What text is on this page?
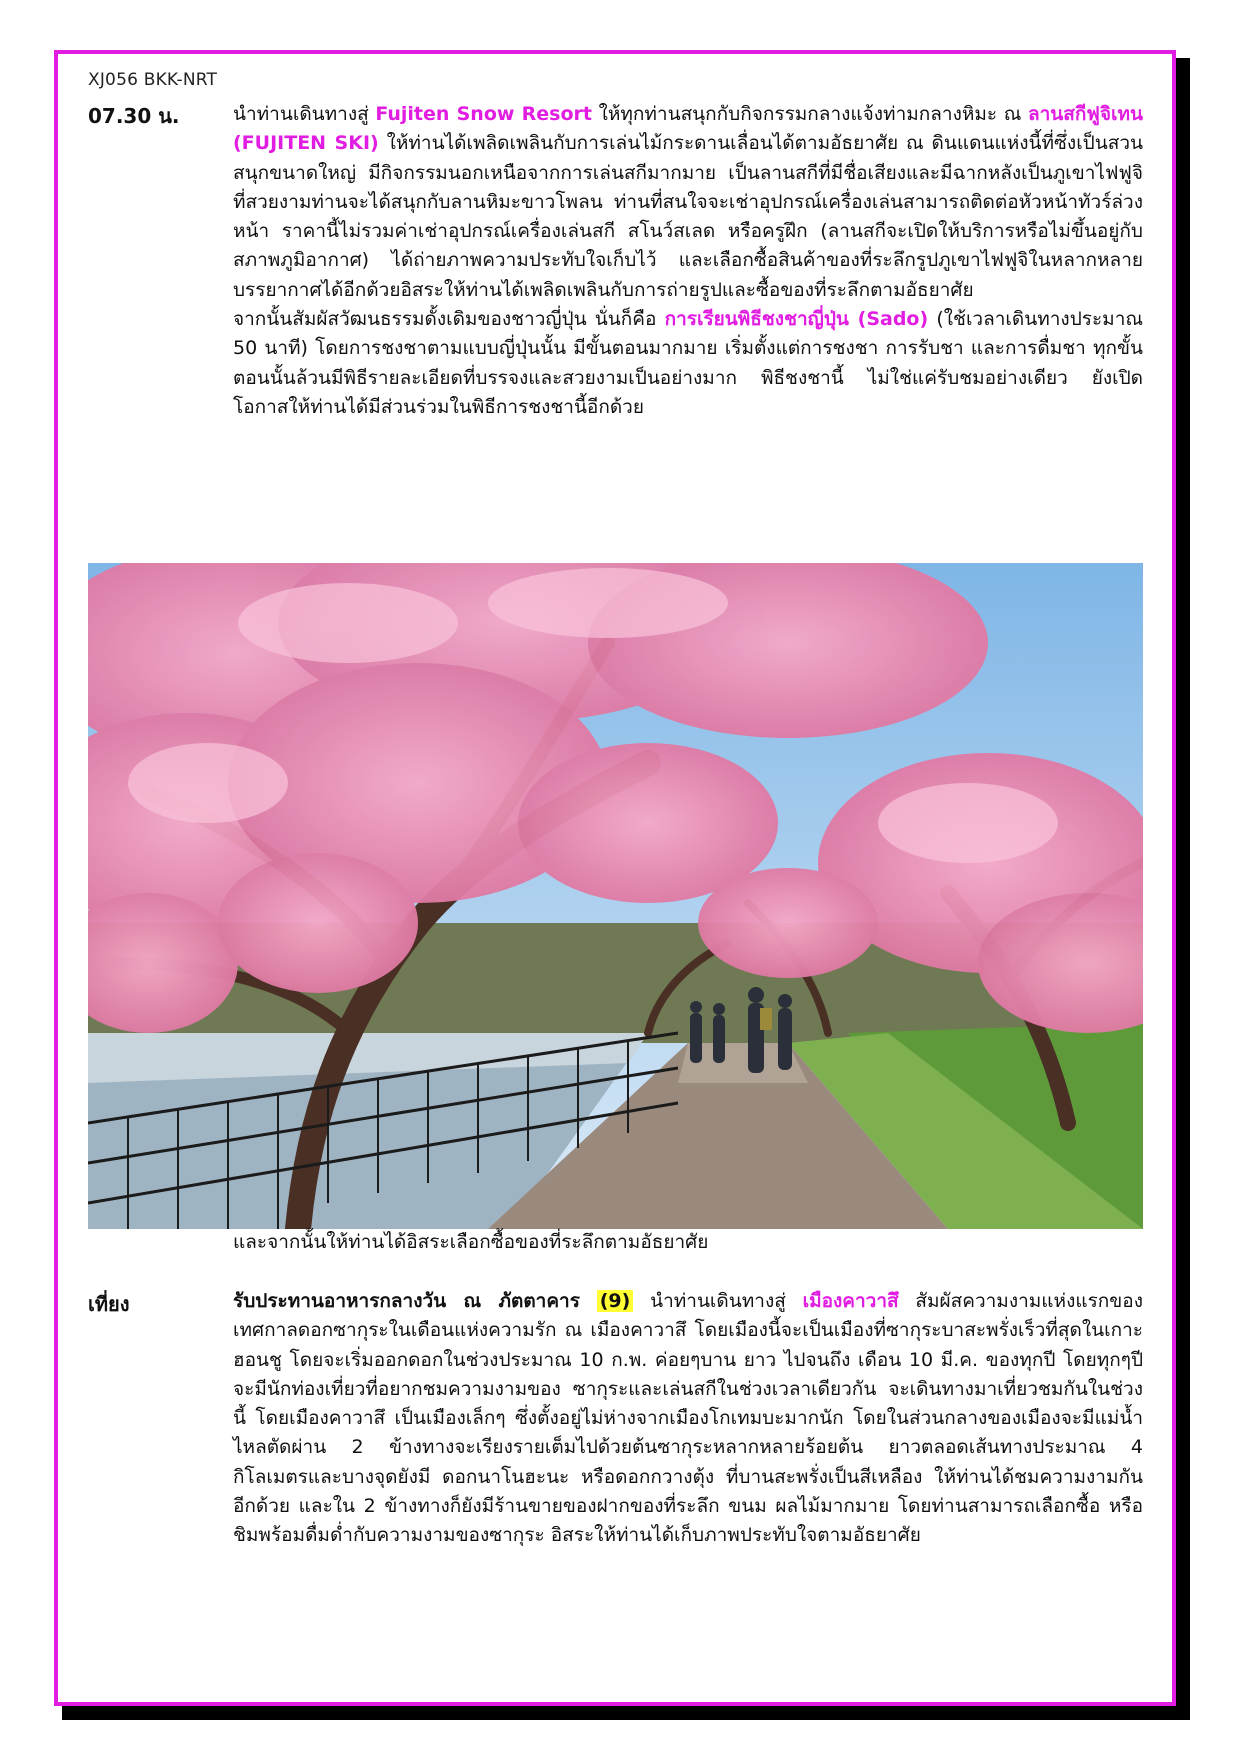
XJ056 BKK-NRT
07.30 น.	นำท่านเดินทางสู่ Fujiten Snow Resort ให้ทุกท่านสนุกกับกิจกรรมกลางแจ้งท่ามกลางหิมะ ณ ลานสกีฟูจิเทน (FUJITEN SKI) ให้ท่านได้เพลิดเพลินกับการเล่นไม้กระดานเลื่อนได้ตามอัธยาศัย ณ ดินแดนแห่งนี้ที่ซึ่งเป็นสวนสนุกขนาดใหญ่ มีกิจกรรมนอกเหนือจากการเล่นสกีมากมาย เป็นลานสกีที่มีชื่อเสียงและมีฉากหลังเป็นภูเขาไฟฟูจิที่สวยงามท่านจะได้สนุกกับลานหิมะขาวโพลน ท่านที่สนใจจะเช่าอุปกรณ์เครื่องเล่นสามารถติดต่อหัวหน้าทัวร์ล่วงหน้า ราคานี้ไม่รวมค่าเช่าอุปกรณ์เครื่องเล่นสกี สโนว์สเลด หรือครูฝึก (ลานสกีจะเปิดให้บริการหรือไม่ขึ้นอยู่กับสภาพภูมิอากาศ) ได้ถ่ายภาพความประทับใจเก็บไว้ และเลือกซื้อสินค้าของที่ระลึกรูปภูเขาไฟฟูจิในหลากหลายบรรยากาศได้อีกด้วยอิสระให้ท่านได้เพลิดเพลินกับการถ่ายรูปและซื้อของที่ระลึกตามอัธยาศัย
จากนั้นสัมผัสวัฒนธรรมดั้งเดิมของชาวญี่ปุ่น นั่นก็คือ การเรียนพิธีชงชาญี่ปุ่น (Sado) (ใช้เวลาเดินทางประมาณ 50 นาที) โดยการชงชาตามแบบญี่ปุ่นนั้น มีขั้นตอนมากมาย เริ่มตั้งแต่การชงชา การรับชา และการดื่มชา ทุกขั้นตอนนั้นล้วนมีพิธีรายละเอียดที่บรรจงและสวยงามเป็นอย่างมาก พิธีชงชานี้ ไม่ใช่แค่รับชมอย่างเดียว ยังเปิดโอกาสให้ท่านได้มีส่วนร่วมในพิธีการชงชานี้อีกด้วย
และจากนั้นให้ท่านได้อิสระเลือกซื้อของที่ระลึกตามอัธยาศัย
เที่ยง	รับประทานอาหารกลางวัน ณ ภัตตาคาร (9) นำท่านเดินทางสู่ เมืองคาวาสึ สัมผัสความงามแห่งแรกของเทศกาลดอกซากุระในเดือนแห่งความรัก ณ เมืองคาวาสึ โดยเมืองนี้จะเป็นเมืองที่ซากุระบาสะพรั่งเร็วที่สุดในเกาะฮอนชู โดยจะเริ่มออกดอกในช่วงประมาณ 10 ก.พ. ค่อยๆบาน ยาว ไปจนถึง เดือน 10 มี.ค. ของทุกปี โดยทุกๆปีจะมีนักท่องเที่ยวที่อยากชมความงามของ ซากุระและเล่นสกีในช่วงเวลาเดียวกัน จะเดินทางมาเที่ยวชมกันในช่วงนี้ โดยเมืองคาวาสึ เป็นเมืองเล็กๆ ซึ่งตั้งอยู่ไม่ห่างจากเมืองโกเทมบะมากนัก โดยในส่วนกลางของเมืองจะมีแม่น้ำไหลตัดผ่าน 2 ข้างทางจะเรียงรายเต็มไปด้วยต้นซากุระหลากหลายร้อยต้น ยาวตลอดเส้นทางประมาณ 4 กิโลเมตรและบางจุดยังมี ดอกนาโนฮะนะ หรือดอกกวางตุ้ง ที่บานสะพรั่งเป็นสีเหลือง ให้ท่านได้ชมความงามกันอีกด้วย และใน 2 ข้างทางก็ยังมีร้านขายของฝากของที่ระลึก ขนม ผลไม้มากมาย โดยท่านสามารถเลือกซื้อ หรือ ชิมพร้อมดื่มด่ำกับความงามของซากุระ อิสระให้ท่านได้เก็บภาพประทับใจตามอัธยาศัย
